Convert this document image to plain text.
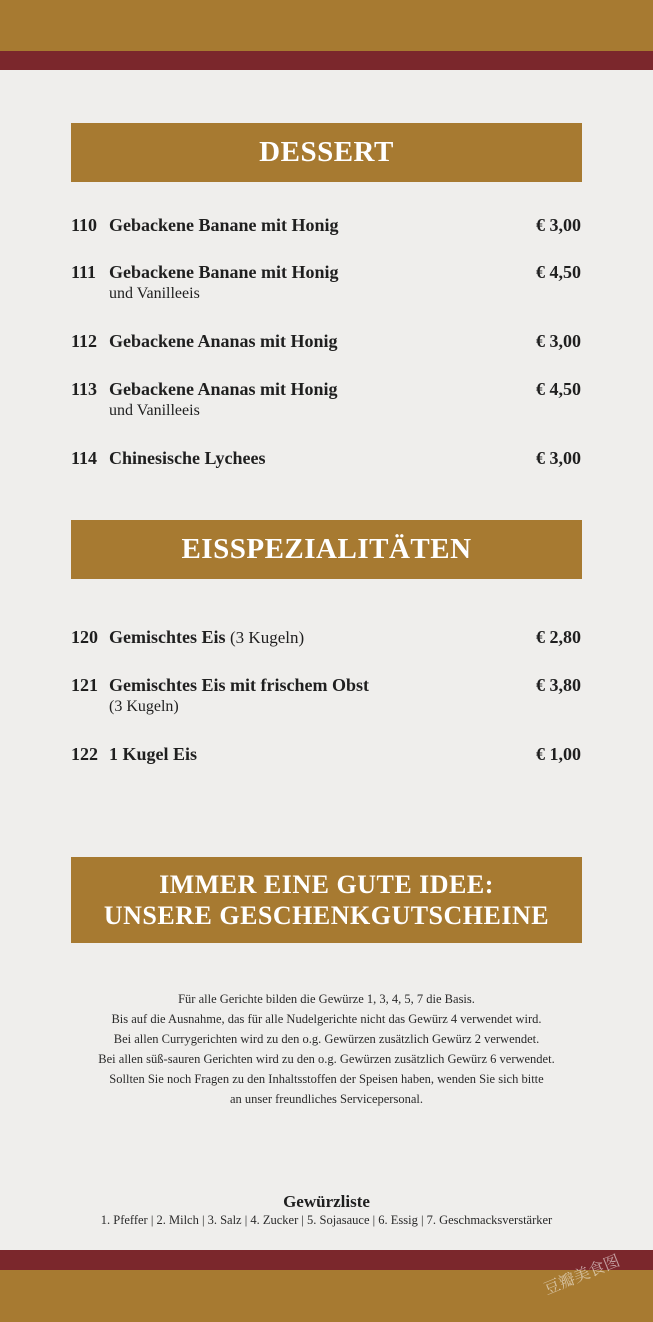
DESSERT
110 Gebackene Banane mit Honig	€ 3,00
111 Gebackene Banane mit Honig	€ 4,50
und Vanilleeis
112 Gebackene Ananas mit Honig	€ 3,00
113 Gebackene Ananas mit Honig	€ 4,50
und Vanilleeis
114 Chinesische Lychees	€ 3,00
EISSPEZIALITÄTEN
120 Gemischtes Eis (3 Kugeln)	€ 2,80
121 Gemischtes Eis mit frischem Obst	€ 3,80
(3 Kugeln)
122 1 Kugel Eis	€ 1,00
IMMER EINE GUTE IDEE:
UNSERE GESCHENKGUTSCHEINE
Für alle Gerichte bilden die Gewürze 1, 3, 4, 5, 7 die Basis.
Bis auf die Ausnahme, das für alle Nudelgerichte nicht das Gewürz 4 verwendet wird.
Bei allen Currygerichten wird zu den o.g. Gewürzen zusätzlich Gewürz 2 verwendet.
Bei allen süß-sauren Gerichten wird zu den o.g. Gewürzen zusätzlich Gewürz 6 verwendet.
Sollten Sie noch Fragen zu den Inhaltsstoffen der Speisen haben, wenden Sie sich bitte
an unser freundliches Servicepersonal.
Gewürzliste
1. Pfeffer | 2. Milch | 3. Salz | 4. Zucker | 5. Sojasauce | 6. Essig | 7. Geschmacksverstärker
豆瓣美食图
